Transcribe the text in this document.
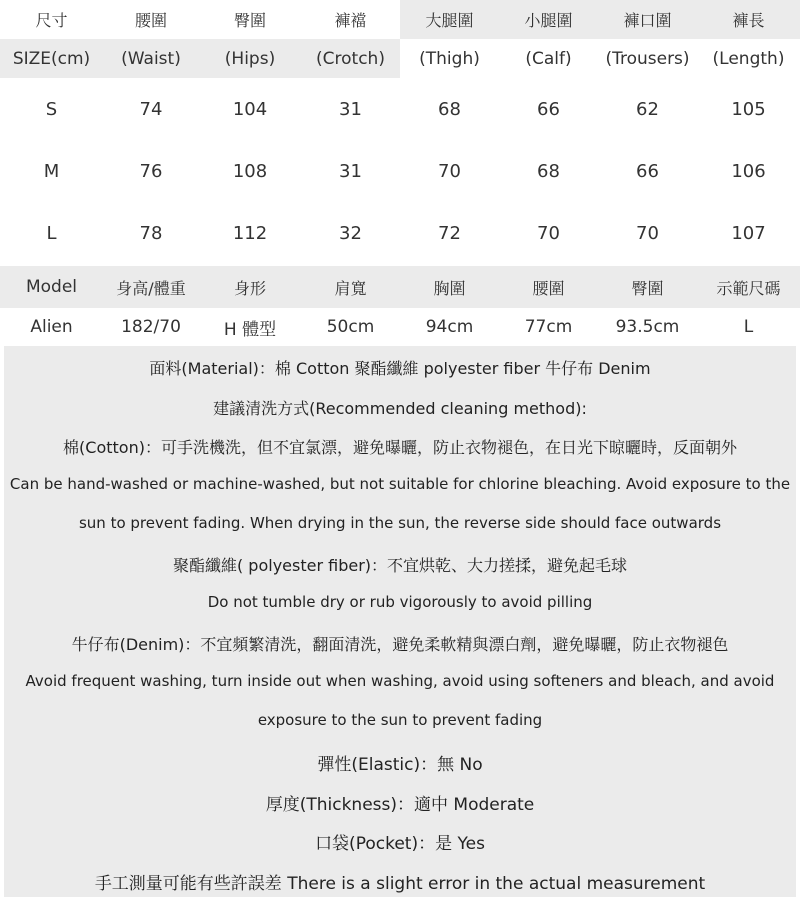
尺寸	腰圍	臀圍	褲襠	大腿圍	小腿圍	褲口圍	褲長
SIZE(cm)	(Waist)	(Hips)	(Crotch)	(Thigh)	(Calf)	(Trousers)	(Length)
S	74	104	31	68	66	62	105
M	76	108	31	70	68	66	106
L	78	112	32	72	70	70	107
Model	身高/體重	身形	肩寬	胸圍	腰圍	臀圍	示範尺碼
Alien	182/70	H 體型	50cm	94cm	77cm	93.5cm	L
面料(Material)：棉 Cotton 聚酯纖維 polyester fiber 牛仔布 Denim
建議清洗方式(Recommended cleaning method):
棉(Cotton)：可手洗機洗，但不宜氯漂，避免曝曬，防止衣物褪色，在日光下晾曬時，反面朝外
Can be hand-washed or machine-washed, but not suitable for chlorine bleaching. Avoid exposure to the
sun to prevent fading. When drying in the sun, the reverse side should face outwards
聚酯纖維( polyester fiber)：不宜烘乾、大力搓揉，避免起毛球
Do not tumble dry or rub vigorously to avoid pilling
牛仔布(Denim)：不宜頻繁清洗，翻面清洗，避免柔軟精與漂白劑，避免曝曬，防止衣物褪色
Avoid frequent washing, turn inside out when washing, avoid using softeners and bleach, and avoid
exposure to the sun to prevent fading
彈性(Elastic)：無 No
厚度(Thickness)：適中 Moderate
口袋(Pocket)：是 Yes
手工測量可能有些許誤差 There is a slight error in the actual measurement
